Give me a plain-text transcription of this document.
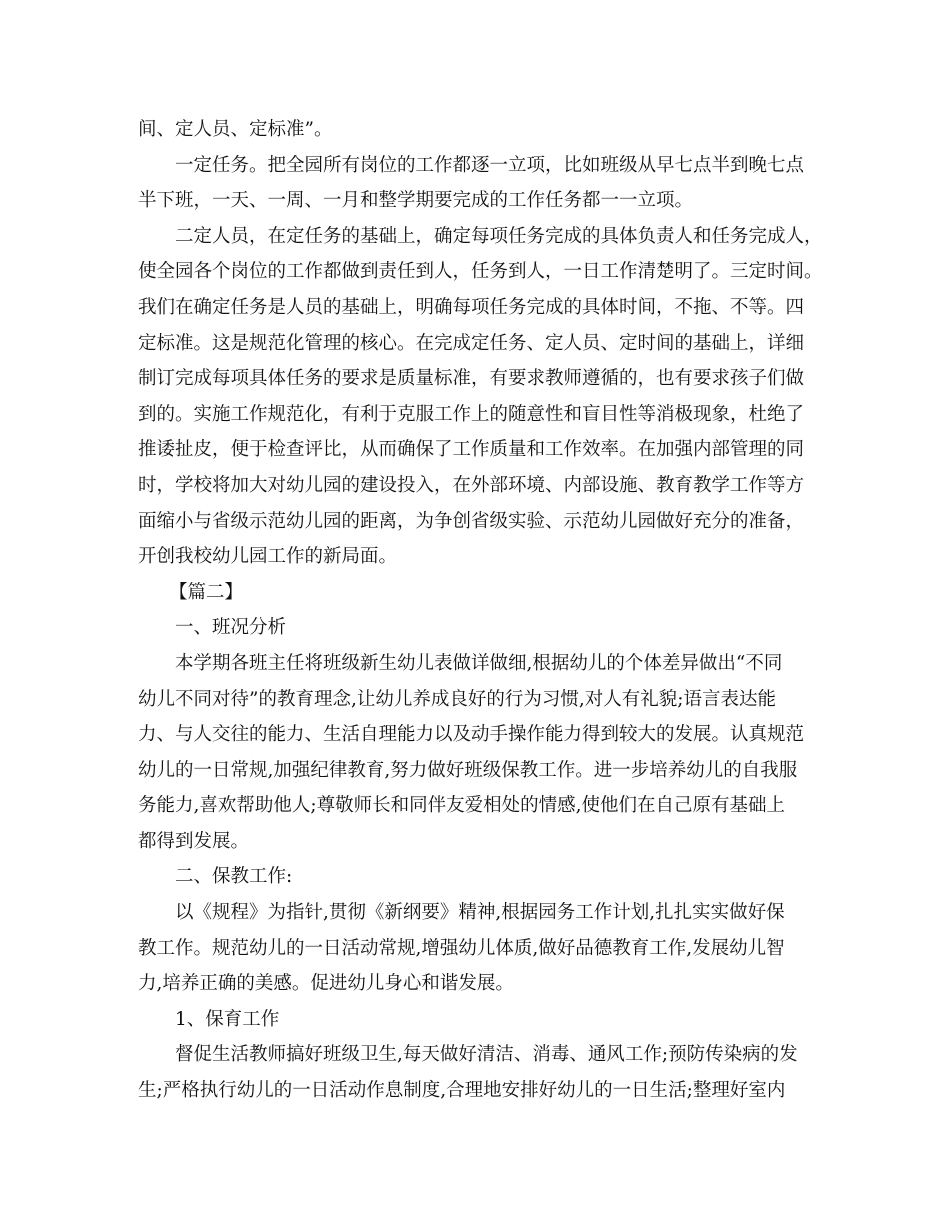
间、定人员、定标准”。
一定任务。把全园所有岗位的工作都逐一立项，比如班级从早七点半到晚七点
半下班，一天、一周、一月和整学期要完成的工作任务都一一立项。
二定人员，在定任务的基础上，确定每项任务完成的具体负责人和任务完成人，
使全园各个岗位的工作都做到责任到人，任务到人，一日工作清楚明了。三定时间。
我们在确定任务是人员的基础上，明确每项任务完成的具体时间，不拖、不等。四
定标准。这是规范化管理的核心。在完成定任务、定人员、定时间的基础上，详细
制订完成每项具体任务的要求是质量标准，有要求教师遵循的，也有要求孩子们做
到的。实施工作规范化，有利于克服工作上的随意性和盲目性等消极现象，杜绝了
推诿扯皮，便于检查评比，从而确保了工作质量和工作效率。在加强内部管理的同
时，学校将加大对幼儿园的建设投入，在外部环境、内部设施、教育教学工作等方
面缩小与省级示范幼儿园的距离，为争创省级实验、示范幼儿园做好充分的准备，
开创我校幼儿园工作的新局面。
【篇二】
一、班况分析
本学期各班主任将班级新生幼儿表做详做细,根据幼儿的个体差异做出“不同
幼儿不同对待”的教育理念,让幼儿养成良好的行为习惯,对人有礼貌;语言表达能
力、与人交往的能力、生活自理能力以及动手操作能力得到较大的发展。认真规范
幼儿的一日常规,加强纪律教育,努力做好班级保教工作。进一步培养幼儿的自我服
务能力,喜欢帮助他人;尊敬师长和同伴友爱相处的情感,使他们在自己原有基础上
都得到发展。
二、保教工作:
以《规程》为指针,贯彻《新纲要》精神,根据园务工作计划,扎扎实实做好保
教工作。规范幼儿的一日活动常规,增强幼儿体质,做好品德教育工作,发展幼儿智
力,培养正确的美感。促进幼儿身心和谐发展。
1、保育工作
督促生活教师搞好班级卫生,每天做好清洁、消毒、通风工作;预防传染病的发
生;严格执行幼儿的一日活动作息制度,合理地安排好幼儿的一日生活;整理好室内
